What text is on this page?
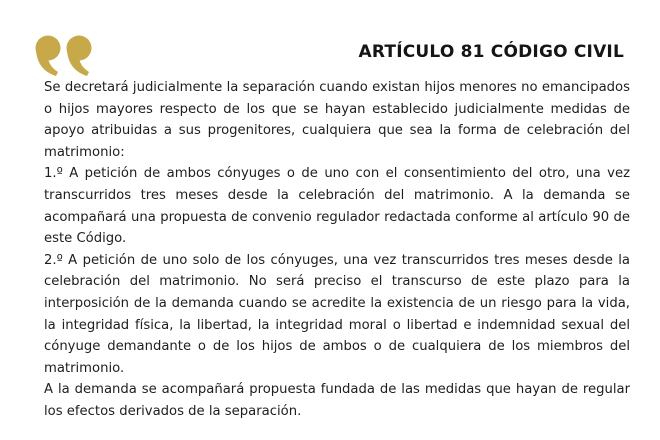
ARTÍCULO 81 CÓDIGO CIVIL

Se decretará judicialmente la separación cuando existan hijos menores no emancipados o hijos mayores respecto de los que se hayan establecido judicialmente medidas de apoyo atribuidas a sus progenitores, cualquiera que sea la forma de celebración del matrimonio:

1.º A petición de ambos cónyuges o de uno con el consentimiento del otro, una vez transcurridos tres meses desde la celebración del matrimonio. A la demanda se acompañará una propuesta de convenio regulador redactada conforme al artículo 90 de este Código.

2.º A petición de uno solo de los cónyuges, una vez transcurridos tres meses desde la celebración del matrimonio. No será preciso el transcurso de este plazo para la interposición de la demanda cuando se acredite la existencia de un riesgo para la vida, la integridad física, la libertad, la integridad moral o libertad e indemnidad sexual del cónyuge demandante o de los hijos de ambos o de cualquiera de los miembros del matrimonio.

A la demanda se acompañará propuesta fundada de las medidas que hayan de regular los efectos derivados de la separación.
